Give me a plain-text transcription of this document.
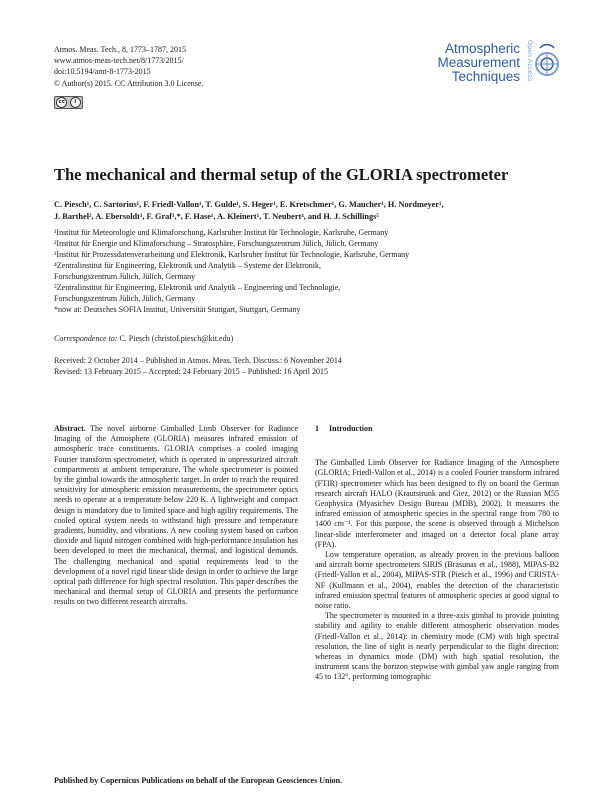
Atmos. Meas. Tech., 8, 1773–1787, 2015
www.atmos-meas-tech.net/8/1773/2015/
doi:10.5194/amt-8-1773-2015
© Author(s) 2015. CC Attribution 3.0 License.
cc	i
Atmospheric
Measurement
Techniques Open Access
The mechanical and thermal setup of the GLORIA spectrometer
C. Piesch¹, C. Sartorius¹, F. Friedl-Vallon¹, T. Gulde¹, S. Heger¹, E. Kretschmer¹, G. Maucher¹, H. Nordmeyer¹,
J. Barthel², A. Ebersoldt³, F. Graf¹,*, F. Hase¹, A. Kleinert¹, T. Neubert⁴, and H. J. Schillings⁵
¹Institut für Meteorologie und Klimaforschung, Karlsruher Institut für Technologie, Karlsruhe, Germany
²Institut für Energie und Klimaforschung – Stratosphäre, Forschungszentrum Jülich, Jülich, Germany
³Institut für Prozessdatenverarbeitung und Elektronik, Karlsruher Institut für Technologie, Karlsruhe, Germany
⁴Zentralinstitut für Engineering, Elektronik und Analytik – Systeme der Elektronik,
Forschungszentrum Jülich, Jülich, Germany
⁵Zentralinstitut für Engineering, Elektronik und Analytik – Engineering und Technologie,
Forschungszentrum Jülich, Jülich, Germany
*now at: Deutsches SOFIA Institut, Universität Stuttgart, Stuttgart, Germany
Correspondence to: C. Piesch (christof.piesch@kit.edu)
Received: 2 October 2014 – Published in Atmos. Meas. Tech. Discuss.: 6 November 2014
Revised: 13 February 2015 – Accepted: 24 February 2015 – Published: 16 April 2015
Abstract. The novel airborne Gimballed Limb Observer for Radiance Imaging of the Atmosphere (GLORIA) measures infrared emission of atmospheric trace constituents. GLORIA comprises a cooled imaging Fourier transform spectrometer, which is operated in unpressurized aircraft compartments at ambient temperature. The whole spectrometer is pointed by the gimbal towards the atmospheric target. In order to reach the required sensitivity for atmospheric emission measurements, the spectrometer optics needs to operate at a temperature below 220 K. A lightweight and compact design is mandatory due to limited space and high agility requirements. The cooled optical system needs to withstand high pressure and temperature gradients, humidity, and vibrations. A new cooling system based on carbon dioxide and liquid nitrogen combined with high-performance insulation has been developed to meet the mechanical, thermal, and logistical demands. The challenging mechanical and spatial requirements lead to the development of a novel rigid linear slide design in order to achieve the large optical path difference for high spectral resolution. This paper describes the mechanical and thermal setup of GLORIA and presents the performance results on two different research aircrafts.
1 Introduction

The Gimballed Limb Observer for Radiance Imaging of the Atmosphere (GLORIA; Friedl-Vallon et al., 2014) is a cooled Fourier transform infrared (FTIR) spectrometer which has been designed to fly on board the German research aircraft HALO (Krautstrunk and Giez, 2012) or the Russian M55 Geophysica (Myasichev Design Bureau (MDB), 2002). It measures the infrared emission of atmospheric species in the spectral range from 780 to 1400 cm⁻¹. For this purpose, the scene is observed through a Michelson linear-slide interferometer and imaged on a detector focal plane array (FPA).

Low temperature operation, as already proven in the previous balloon and aircraft borne spectrometers SIRIS (Brasunas et al., 1988), MIPAS-B2 (Friedl-Vallon et al., 2004), MIPAS-STR (Piesch et al., 1996) and CRISTA-NF (Kullmann et al., 2004), enables the detection of the characteristic infrared emission spectral features of atmospheric species at good signal to noise ratio.

The spectrometer is mounted in a three-axis gimbal to provide pointing stability and agility to enable different atmospheric observation modes (Friedl-Vallon et al., 2014): in chemistry mode (CM) with high spectral resolution, the line of sight is nearly perpendicular to the flight direction; whereas in dynamics mode (DM) with high spatial resolution, the instrument scans the horizon stepwise with gimbal yaw angle ranging from 45 to 132°, performing tomographic

Published by Copernicus Publications on behalf of the European Geosciences Union.
